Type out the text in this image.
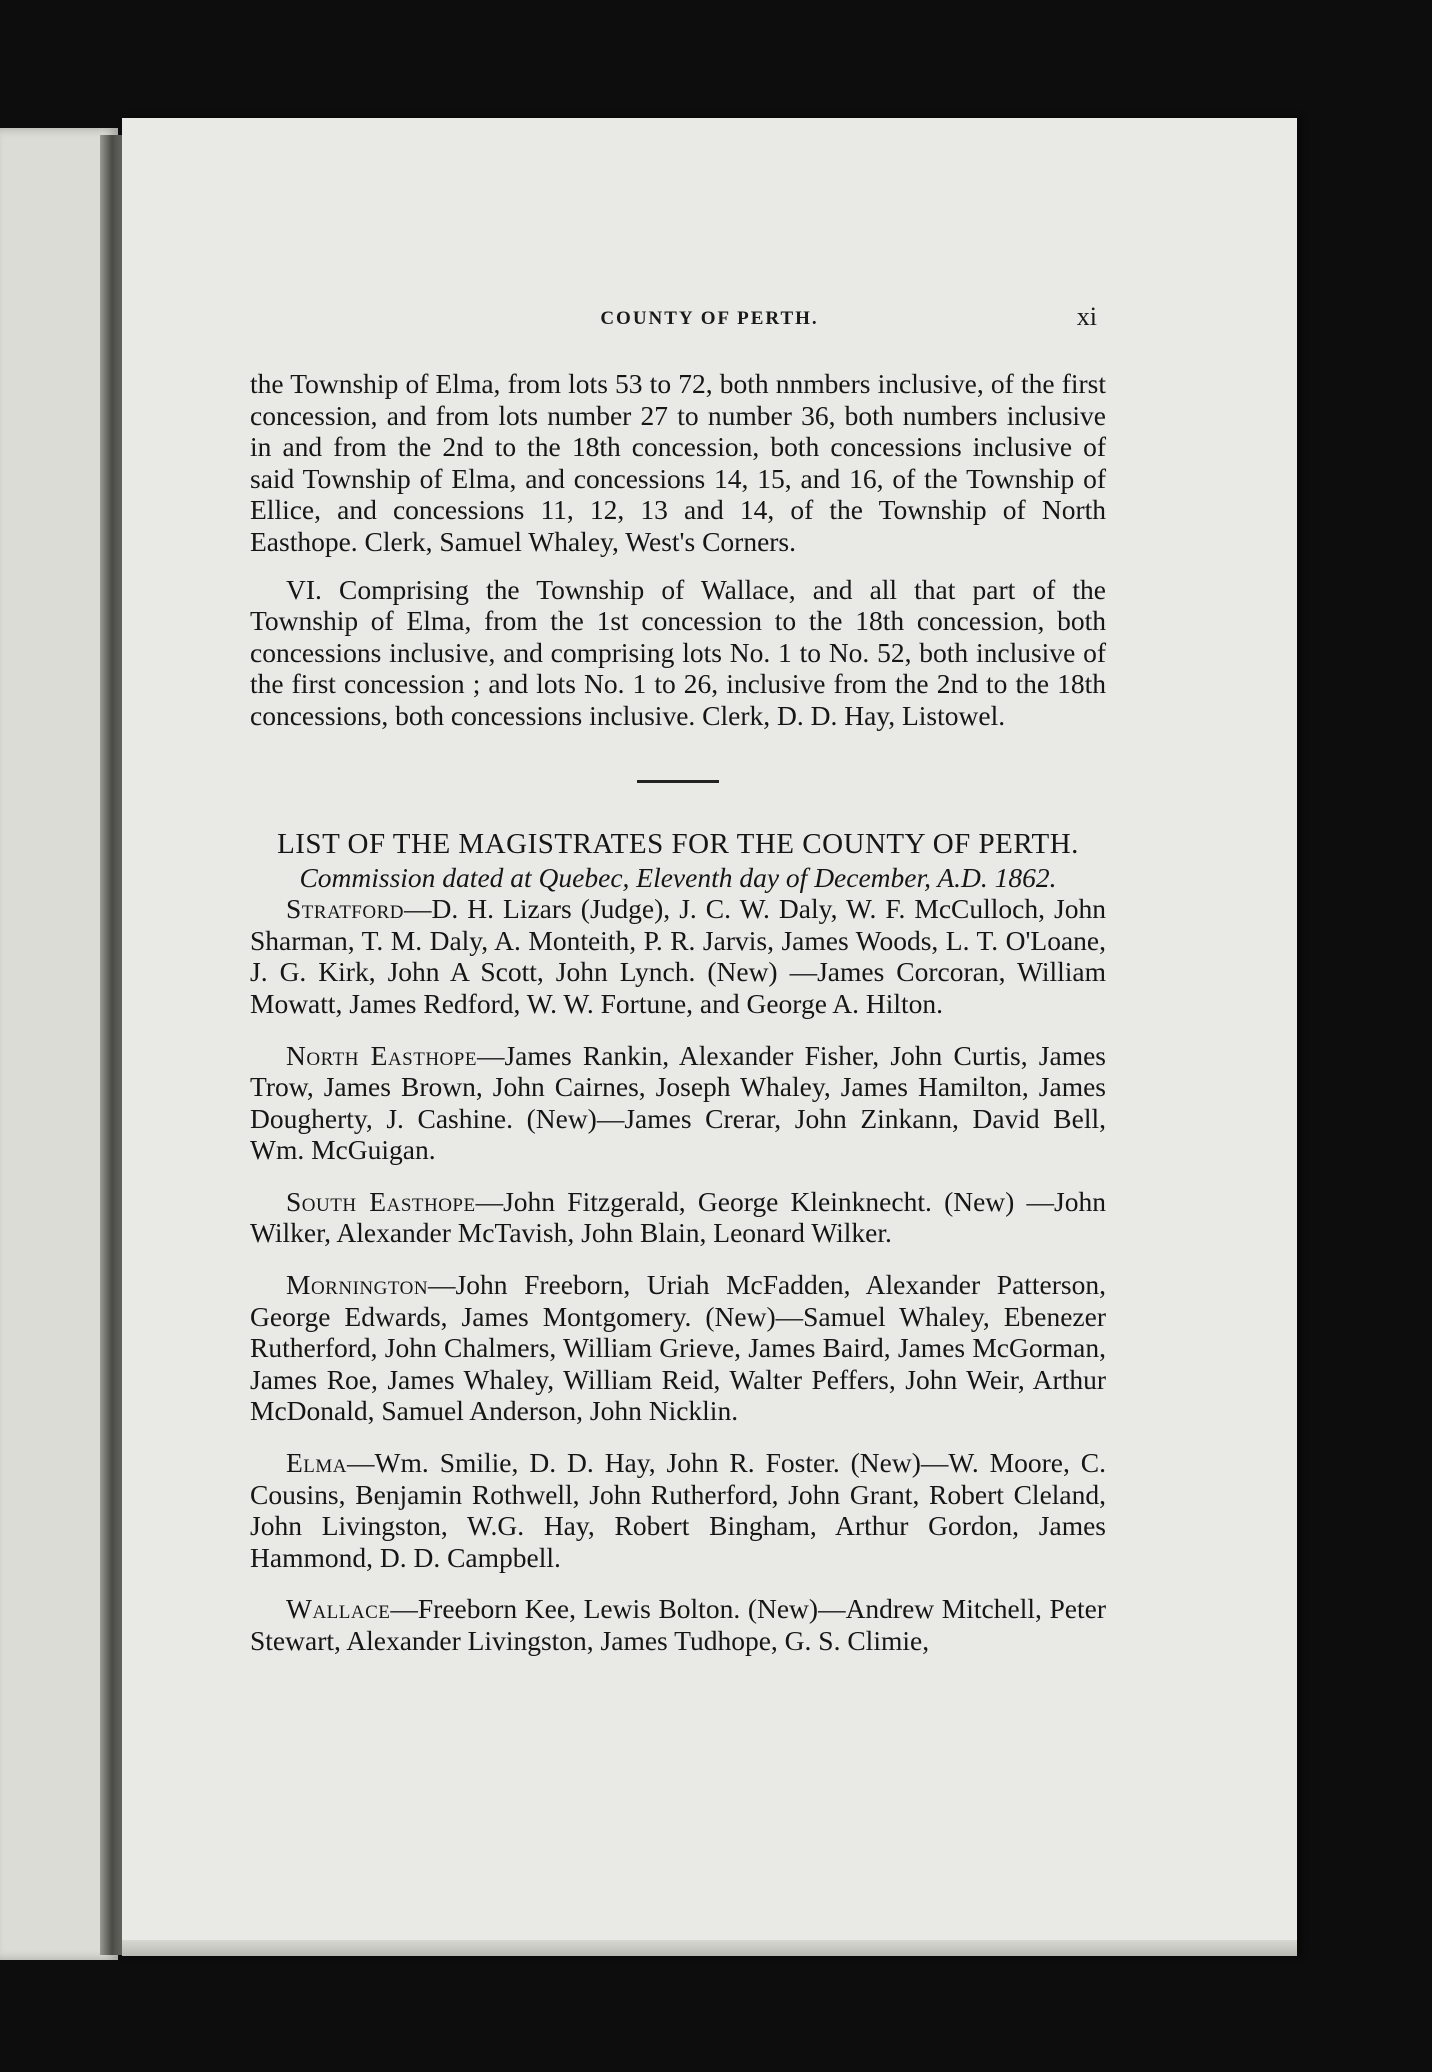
COUNTY OF PERTH.	xi

the Township of Elma, from lots 53 to 72, both nnmbers inclusive, of the first concession, and from lots number 27 to number 36, both numbers inclusive in and from the 2nd to the 18th concession, both concessions inclusive of said Township of Elma, and concessions 14, 15, and 16, of the Township of Ellice, and concessions 11, 12, 13 and 14, of the Township of North Easthope. Clerk, Samuel Whaley, West's Corners.

VI. Comprising the Township of Wallace, and all that part of the Township of Elma, from the 1st concession to the 18th concession, both concessions inclusive, and comprising lots No. 1 to No. 52, both inclusive of the first concession ; and lots No. 1 to 26, inclusive from the 2nd to the 18th concessions, both concessions inclusive. Clerk, D. D. Hay, Listowel.

LIST OF THE MAGISTRATES FOR THE COUNTY OF PERTH.

Commission dated at Quebec, Eleventh day of December, A.D. 1862.

Stratford—D. H. Lizars (Judge), J. C. W. Daly, W. F. McCulloch, John Sharman, T. M. Daly, A. Monteith, P. R. Jarvis, James Woods, L. T. O'Loane, J. G. Kirk, John A Scott, John Lynch. (New) —James Corcoran, William Mowatt, James Redford, W. W. Fortune, and George A. Hilton.

North Easthope—James Rankin, Alexander Fisher, John Curtis, James Trow, James Brown, John Cairnes, Joseph Whaley, James Hamilton, James Dougherty, J. Cashine. (New)—James Crerar, John Zinkann, David Bell, Wm. McGuigan.

South Easthope—John Fitzgerald, George Kleinknecht. (New) —John Wilker, Alexander McTavish, John Blain, Leonard Wilker.

Mornington—John Freeborn, Uriah McFadden, Alexander Patterson, George Edwards, James Montgomery. (New)—Samuel Whaley, Ebenezer Rutherford, John Chalmers, William Grieve, James Baird, James McGorman, James Roe, James Whaley, William Reid, Walter Peffers, John Weir, Arthur McDonald, Samuel Anderson, John Nicklin.

Elma—Wm. Smilie, D. D. Hay, John R. Foster. (New)—W. Moore, C. Cousins, Benjamin Rothwell, John Rutherford, John Grant, Robert Cleland, John Livingston, W.G. Hay, Robert Bingham, Arthur Gordon, James Hammond, D. D. Campbell.

Wallace—Freeborn Kee, Lewis Bolton. (New)—Andrew Mitchell, Peter Stewart, Alexander Livingston, James Tudhope, G. S. Climie,
